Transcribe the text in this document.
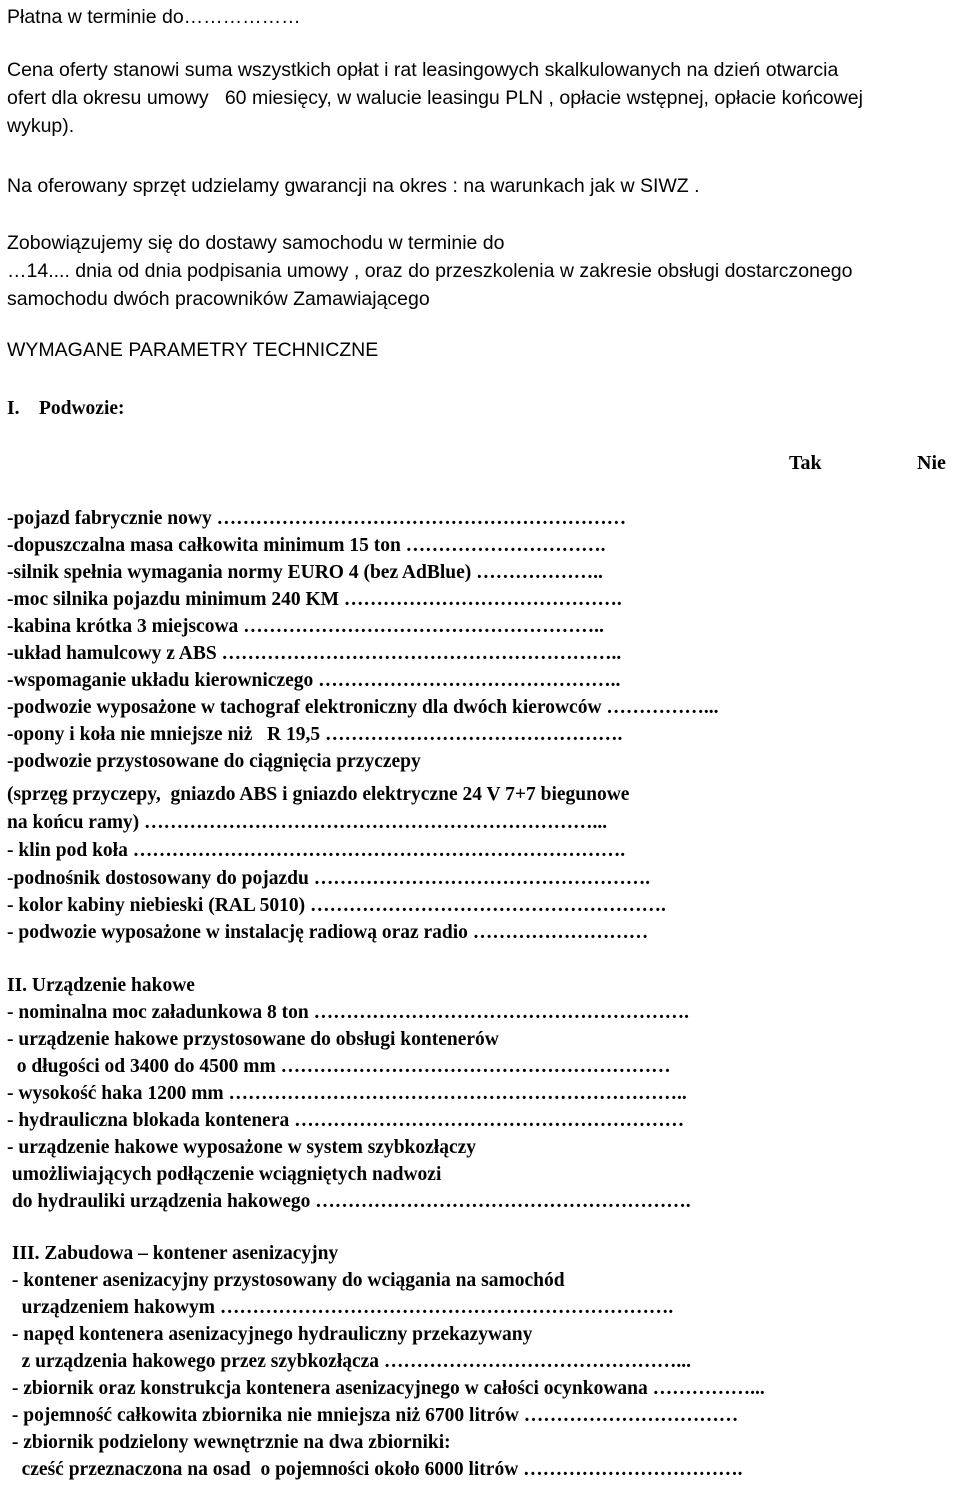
Płatna w terminie do………………
Cena oferty stanowi suma wszystkich opłat i rat leasingowych skalkulowanych na dzień otwarcia
ofert dla okresu umowy   60 miesięcy, w walucie leasingu PLN , opłacie wstępnej, opłacie końcowej
wykup).
Na oferowany sprzęt udzielamy gwarancji na okres : na warunkach jak w SIWZ .
Zobowiązujemy się do dostawy samochodu w terminie do
…14.... dnia od dnia podpisania umowy , oraz do przeszkolenia w zakresie obsługi dostarczonego
samochodu dwóch pracowników Zamawiającego
WYMAGANE PARAMETRY TECHNICZNE
I.    Podwozie:
Tak	Nie
-pojazd fabrycznie nowy ………………………………………………………
-dopuszczalna masa całkowita minimum 15 ton ………………………….
-silnik spełnia wymagania normy EURO 4 (bez AdBlue) ………………..
-moc silnika pojazdu minimum 240 KM …………………………………….
-kabina krótka 3 miejscowa ………………………………………………..
-układ hamulcowy z ABS ……………………………………………………..
-wspomaganie układu kierowniczego ………………………………………..
-podwozie wyposażone w tachograf elektroniczny dla dwóch kierowców ……………...
-opony i koła nie mniejsze niż   R 19,5 ……………………………………….
-podwozie przystosowane do ciągnięcia przyczepy
(sprzęg przyczepy,  gniazdo ABS i gniazdo elektryczne 24 V 7+7 biegunowe
na końcu ramy) ……………………………………………………………...
- klin pod koła ………………………………………………………………….
-podnośnik dostosowany do pojazdu …………………………………………….
- kolor kabiny niebieski (RAL 5010) ……………………………………………….
- podwozie wyposażone w instalację radiową oraz radio ………………………
II. Urządzenie hakowe
- nominalna moc załadunkowa 8 ton ………………………………………………….
- urządzenie hakowe przystosowane do obsługi kontenerów
o długości od 3400 do 4500 mm ……………………………………………………
- wysokość haka 1200 mm ……………………………………………………………..
- hydrauliczna blokada kontenera ……………………………………………………
- urządzenie hakowe wyposażone w system szybkozłączy
umożliwiających podłączenie wciągniętych nadwozi
do hydrauliki urządzenia hakowego ………………………………………………….
III. Zabudowa – kontener asenizacyjny
- kontener asenizacyjny przystosowany do wciągania na samochód
urządzeniem hakowym …………………………………………………………….
- napęd kontenera asenizacyjnego hydrauliczny przekazywany
z urządzenia hakowego przez szybkozłącza ………………………………………...
- zbiornik oraz konstrukcja kontenera asenizacyjnego w całości ocynkowana ……………...
- pojemność całkowita zbiornika nie mniejsza niż 6700 litrów ……………………………
- zbiornik podzielony wewnętrznie na dwa zbiorniki:
cześć przeznaczona na osad  o pojemności około 6000 litrów …………………………….
